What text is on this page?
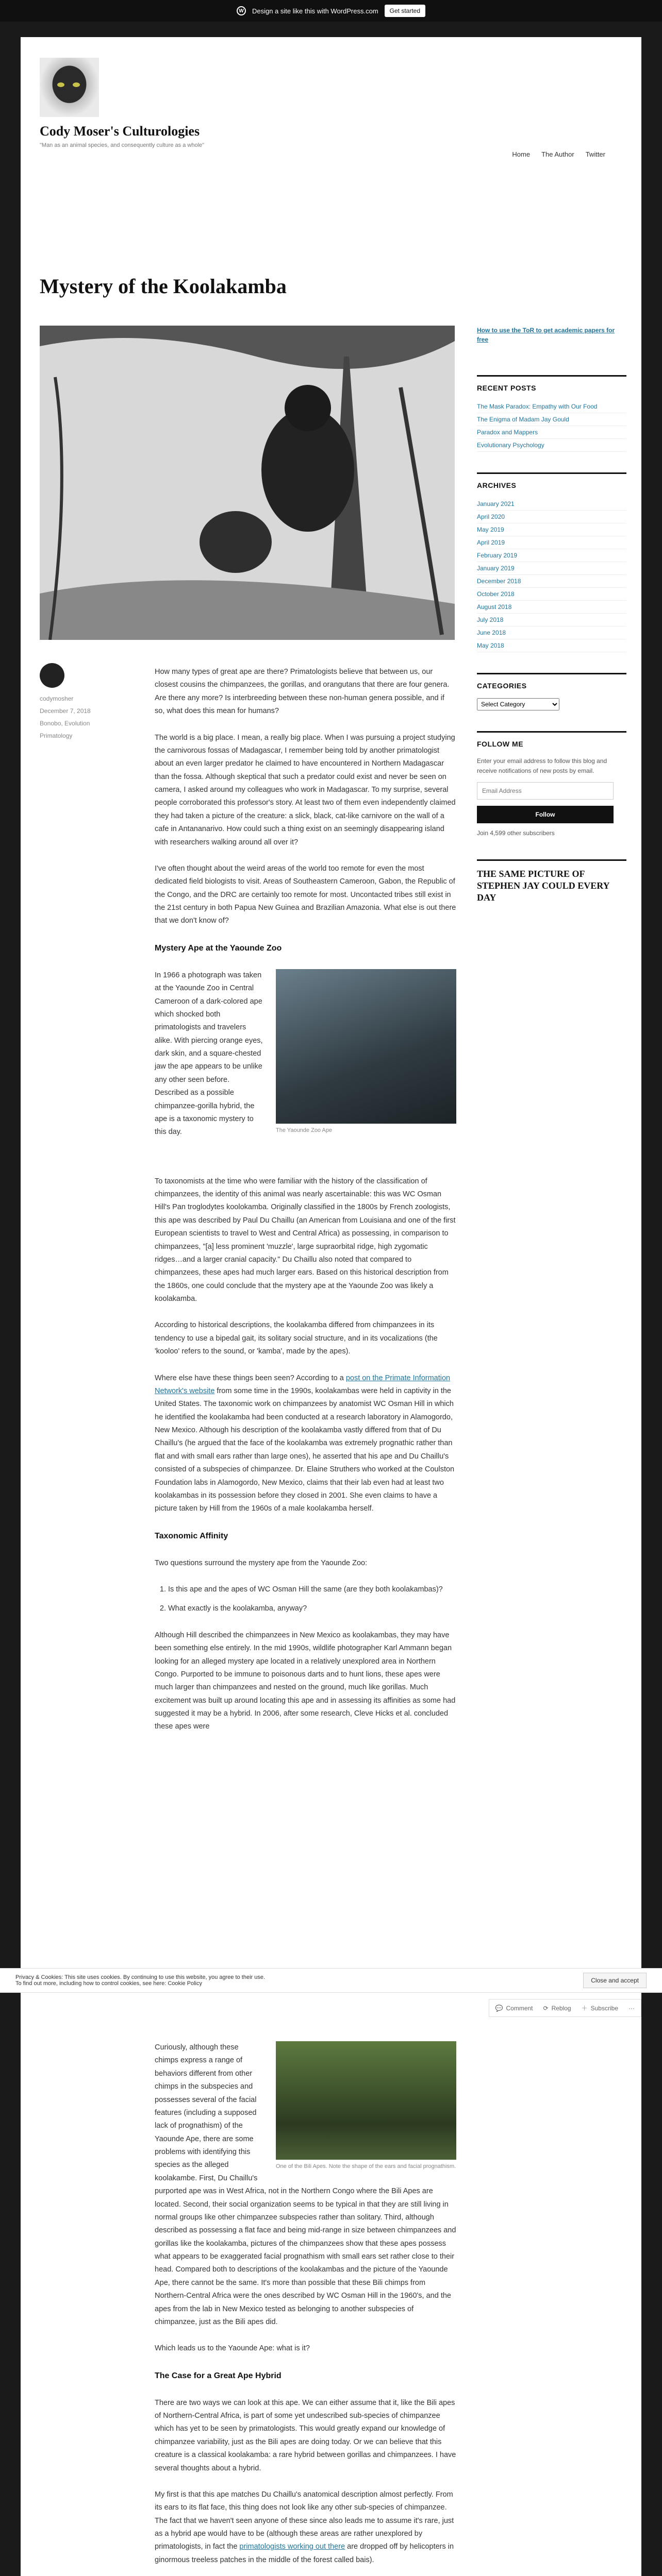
W	Design a site like this with WordPress.com	Get started
Cody Moser's Culturologies
"Man as an animal species, and consequently culture as a whole"
Home The Author Twitter
Mystery of the Koolakamba
codymosher
December 7, 2018
Bonobo, Evolution
Primatology

How many types of great ape are there? Primatologists believe that between us, our closest cousins the chimpanzees, the gorillas, and orangutans that there are four genera. Are there any more? Is interbreeding between these non-human genera possible, and if so, what does this mean for humans?

The world is a big place. I mean, a really big place. When I was pursuing a project studying the carnivorous fossas of Madagascar, I remember being told by another primatologist about an even larger predator he claimed to have encountered in Northern Madagascar than the fossa. Although skeptical that such a predator could exist and never be seen on camera, I asked around my colleagues who work in Madagascar. To my surprise, several people corroborated this professor's story. At least two of them even independently claimed they had taken a picture of the creature: a slick, black, cat-like carnivore on the wall of a cafe in Antananarivo. How could such a thing exist on an seemingly disappearing island with researchers walking around all over it?

I've often thought about the weird areas of the world too remote for even the most dedicated field biologists to visit. Areas of Southeastern Cameroon, Gabon, the Republic of the Congo, and the DRC are certainly too remote for most. Uncontacted tribes still exist in the 21st century in both Papua New Guinea and Brazilian Amazonia. What else is out there that we don't know of?

Mystery Ape at the Yaounde Zoo
The Yaounde Zoo Ape

In 1966 a photograph was taken at the Yaounde Zoo in Central Cameroon of a dark-colored ape which shocked both primatologists and travelers alike. With piercing orange eyes, dark skin, and a square-chested jaw the ape appears to be unlike any other seen before. Described as a possible chimpanzee-gorilla hybrid, the ape is a taxonomic mystery to this day.

To taxonomists at the time who were familiar with the history of the classification of chimpanzees, the identity of this animal was nearly ascertainable: this was WC Osman Hill's Pan troglodytes koolokamba. Originally classified in the 1800s by French zoologists, this ape was described by Paul Du Chaillu (an American from Louisiana and one of the first European scientists to travel to West and Central Africa) as possessing, in comparison to chimpanzees, "[a] less prominent 'muzzle', large supraorbital ridge, high zygomatic ridges…and a larger cranial capacity." Du Chaillu also noted that compared to chimpanzees, these apes had much larger ears. Based on this historical description from the 1860s, one could conclude that the mystery ape at the Yaounde Zoo was likely a koolakamba.

According to historical descriptions, the koolakamba differed from chimpanzees in its tendency to use a bipedal gait, its solitary social structure, and in its vocalizations (the 'kooloo' refers to the sound, or 'kamba', made by the apes).

Where else have these things been seen? According to a post on the Primate Information Network's website from some time in the 1990s, koolakambas were held in captivity in the United States. The taxonomic work on chimpanzees by anatomist WC Osman Hill in which he identified the koolakamba had been conducted at a research laboratory in Alamogordo, New Mexico. Although his description of the koolakamba vastly differed from that of Du Chaillu's (he argued that the face of the koolakamba was extremely prognathic rather than flat and with small ears rather than large ones), he asserted that his ape and Du Chaillu's consisted of a subspecies of chimpanzee. Dr. Elaine Struthers who worked at the Coulston Foundation labs in Alamogordo, New Mexico, claims that their lab even had at least two koolakambas in its possession before they closed in 2001. She even claims to have a picture taken by Hill from the 1960s of a male koolakamba herself.

Taxonomic Affinity

Two questions surround the mystery ape from the Yaounde Zoo:

1. Is this ape and the apes of WC Osman Hill the same (are they both koolakambas)?
2. What exactly is the koolakamba, anyway?

Although Hill described the chimpanzees in New Mexico as koolakambas, they may have been something else entirely. In the mid 1990s, wildlife photographer Karl Ammann began looking for an alleged mystery ape located in a relatively unexplored area in Northern Congo. Purported to be immune to poisonous darts and to hunt lions, these apes were much larger than chimpanzees and nested on the ground, much like gorillas. Much excitement was built up around locating this ape and in assessing its affinities as some had suggested it may be a hybrid. In 2006, after some research, Cleve Hicks et al. concluded these apes were

One of the Bili Apes. Note the shape of the ears and facial prognathism.

Curiously, although these chimps express a range of behaviors different from other chimps in the subspecies and possesses several of the facial features (including a supposed lack of prognathism) of the Yaounde Ape, there are some problems with identifying this species as the alleged koolakambe. First, Du Chaillu's purported ape was in West Africa, not in the Northern Congo where the Bili Apes are located. Second, their social organization seems to be typical in that they are still living in normal groups like other chimpanzee subspecies rather than solitary. Third, although described as possessing a flat face and being mid-range in size between chimpanzees and gorillas like the koolakamba, pictures of the chimpanzees show that these apes possess what appears to be exaggerated facial prognathism with small ears set rather close to their head. Compared both to descriptions of the koolakambas and the picture of the Yaounde Ape, there cannot be the same. It's more than possible that these Bili chimps from Northern-Central Africa were the ones described by WC Osman Hill in the 1960's, and the apes from the lab in New Mexico tested as belonging to another subspecies of chimpanzee, just as the Bili apes did.

Which leads us to the Yaounde Ape: what is it?

The Case for a Great Ape Hybrid

There are two ways we can look at this ape. We can either assume that it, like the Bili apes of Northern-Central Africa, is part of some yet undescribed sub-species of chimpanzee which has yet to be seen by primatologists. This would greatly expand our knowledge of chimpanzee variability, just as the Bili apes are doing today. Or we can believe that this creature is a classical koolakamba: a rare hybrid between gorillas and chimpanzees. I have several thoughts about a hybrid.

My first is that this ape matches Du Chaillu's anatomical description almost perfectly. From its ears to its flat face, this thing does not look like any other sub-species of chimpanzee. The fact that we haven't seen anyone of these since also leads me to assume it's rare, just as a hybrid ape would have to be (although these areas are rather unexplored by primatologists, in fact the primatologists working out there are dropped off by helicopters in ginormous treeless patches in the middle of the forest called bais).

How to use the ToR to get academic papers for free
RECENT POSTS
The Mask Paradox: Empathy with Our Food
The Enigma of Madam Jay Gould
Paradox and Mappers
Evolutionary Psychology
ARCHIVES
January 2021
April 2020
May 2019
April 2019
February 2019
January 2019
December 2018
October 2018
August 2018
July 2018
June 2018
May 2018
CATEGORIES
Select Category
FOLLOW ME
Enter your email address to follow this blog and receive notifications of new posts by email.
Email Address
Follow
Join 4,599 other subscribers
THE SAME PICTURE OF STEPHEN JAY COULD EVERY DAY
Privacy & Cookies: This site uses cookies. By continuing to use this website, you agree to their use.
To find out more, including how to control cookies, see here: Cookie Policy	Close and accept
💬 Comment ⟳ Reblog ＋ Subscribe ···
